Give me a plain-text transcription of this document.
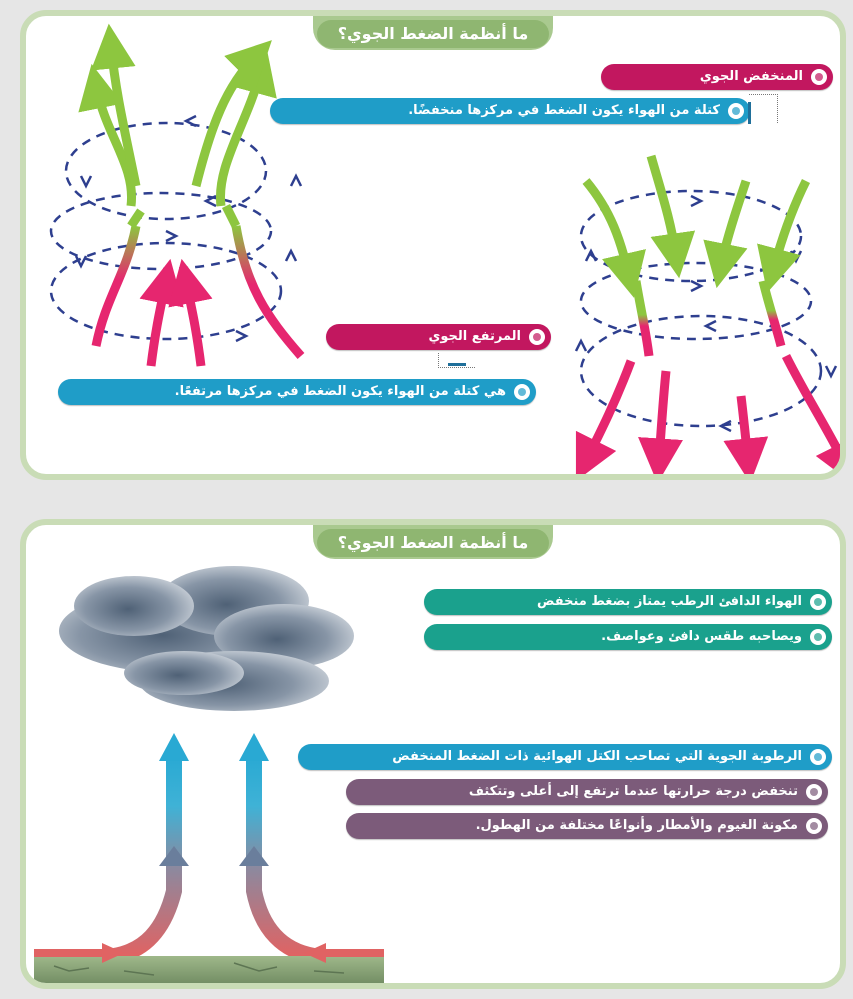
ما أنظمة الضغط الجوي؟
المنخفض الجوي
كتلة من الهواء يكون الضغط في مركزها منخفضًا.
المرتفع الجوي
هي كتلة من الهواء يكون الضغط في مركزها مرتفعًا.
ما أنظمة الضغط الجوي؟
الهواء الدافئ الرطب يمتاز بضغط منخفض
ويصاحبه طقس دافئ وعواصف.
الرطوبة الجوية التي تصاحب الكتل الهوائية ذات الضغط المنخفض
تنخفض درجة حرارتها عندما ترتفع إلى أعلى وتتكثف
مكونة الغيوم والأمطار وأنواعًا مختلفة من الهطول.
